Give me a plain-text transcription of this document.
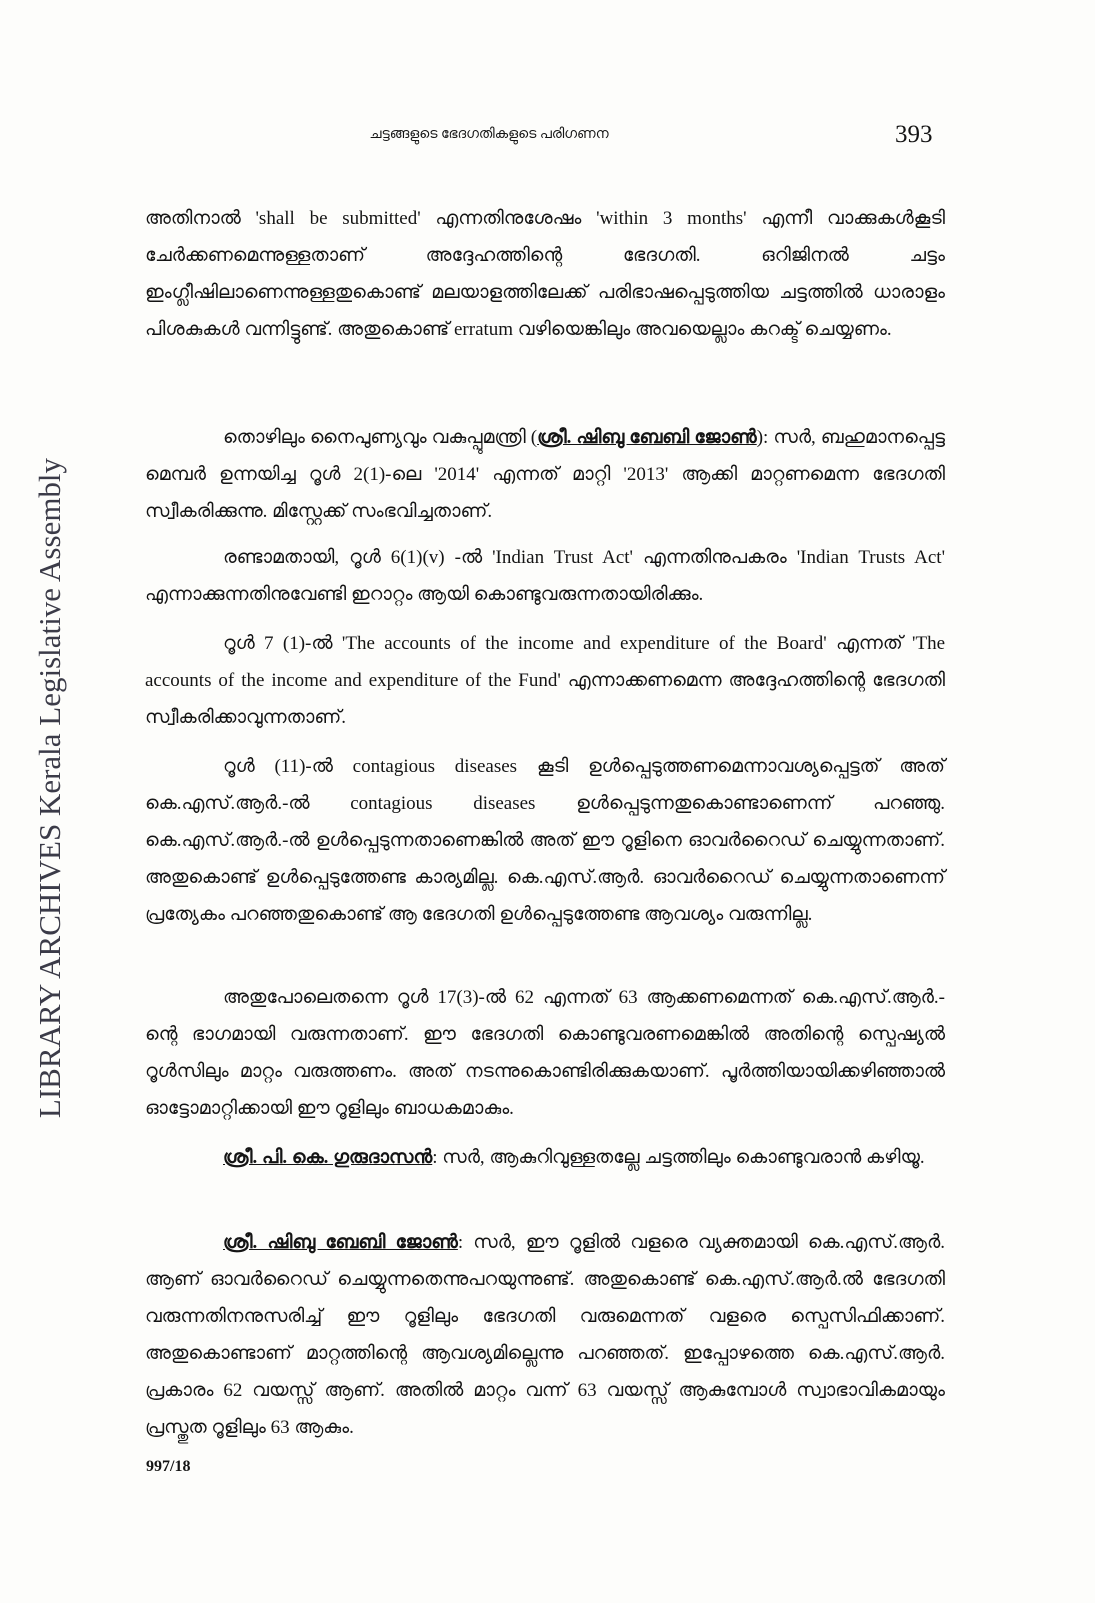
ചട്ടങ്ങളുടെ ഭേദഗതികളുടെ പരിഗണന	393
LIBRARY ARCHIVES Kerala Legislative Assembly

അതിനാൽ 'shall be submitted' എന്നതിനുശേഷം 'within 3 months' എന്നീ വാക്കുകൾകൂടി ചേർക്കണമെന്നുള്ളതാണ് അദ്ദേഹത്തിന്റെ ഭേദഗതി. ഒറിജിനൽ ചട്ടം ഇംഗ്ലീഷിലാണെന്നുള്ളതുകൊണ്ട് മലയാളത്തിലേക്ക് പരിഭാഷപ്പെടുത്തിയ ചട്ടത്തിൽ ധാരാളം പിശകുകൾ വന്നിട്ടുണ്ട്. അതുകൊണ്ട് erratum വഴിയെങ്കിലും അവയെല്ലാം കറക്ട് ചെയ്യണം.

തൊഴിലും നൈപുണ്യവും വകുപ്പുമന്ത്രി (ശ്രീ. ഷിബു ബേബി ജോൺ): സർ, ബഹുമാനപ്പെട്ട മെമ്പർ ഉന്നയിച്ച റൂൾ 2(1)-ലെ '2014' എന്നത് മാറ്റി '2013' ആക്കി മാറ്റണമെന്ന ഭേദഗതി സ്വീകരിക്കുന്നു. മിസ്റ്റേക്ക് സംഭവിച്ചതാണ്.

രണ്ടാമതായി, റൂൾ 6(1)(v) -ൽ 'Indian Trust Act' എന്നതിനുപകരം 'Indian Trusts Act' എന്നാക്കുന്നതിനുവേണ്ടി ഇറാറ്റം ആയി കൊണ്ടുവരുന്നതായിരിക്കും.

റൂൾ 7 (1)-ൽ 'The accounts of the income and expenditure of the Board' എന്നത് 'The accounts of the income and expenditure of the Fund' എന്നാക്കണമെന്ന അദ്ദേഹത്തിന്റെ ഭേദഗതി സ്വീകരിക്കാവുന്നതാണ്.

റൂൾ (11)-ൽ contagious diseases കൂടി ഉൾപ്പെടുത്തണമെന്നാവശ്യപ്പെട്ടത് അത് കെ.എസ്.ആർ.-ൽ contagious diseases ഉൾപ്പെടുന്നതുകൊണ്ടാണെന്ന് പറഞ്ഞു. കെ.എസ്.ആർ.-ൽ ഉൾപ്പെടുന്നതാണെങ്കിൽ അത് ഈ റൂളിനെ ഓവർറൈഡ് ചെയ്യുന്നതാണ്. അതുകൊണ്ട് ഉൾപ്പെടുത്തേണ്ട കാര്യമില്ല. കെ.എസ്.ആർ. ഓവർറൈഡ് ചെയ്യുന്നതാണെന്ന് പ്രത്യേകം പറഞ്ഞതുകൊണ്ട് ആ ഭേദഗതി ഉൾപ്പെടുത്തേണ്ട ആവശ്യം വരുന്നില്ല.

അതുപോലെതന്നെ റൂൾ 17(3)-ൽ 62 എന്നത് 63 ആക്കണമെന്നത് കെ.എസ്.ആർ.-ന്റെ ഭാഗമായി വരുന്നതാണ്. ഈ ഭേദഗതി കൊണ്ടുവരണമെങ്കിൽ അതിന്റെ സ്പെഷ്യൽ റൂൾസിലും മാറ്റം വരുത്തണം. അത് നടന്നുകൊണ്ടിരിക്കുകയാണ്. പൂർത്തിയായിക്കഴിഞ്ഞാൽ ഓട്ടോമാറ്റിക്കായി ഈ റൂളിലും ബാധകമാകും.

ശ്രീ. പി. കെ. ഗുരുദാസൻ: സർ, ആകുറിവുള്ളതല്ലേ ചട്ടത്തിലും കൊണ്ടുവരാൻ കഴിയൂ.

ശ്രീ. ഷിബു ബേബി ജോൺ: സർ, ഈ റൂളിൽ വളരെ വ്യക്തമായി കെ.എസ്.ആർ. ആണ് ഓവർറൈഡ് ചെയ്യുന്നതെന്നുപറയുന്നുണ്ട്. അതുകൊണ്ട് കെ.എസ്.ആർ.ൽ ഭേദഗതി വരുന്നതിനനുസരിച്ച് ഈ റൂളിലും ഭേദഗതി വരുമെന്നത് വളരെ സ്പെസിഫിക്കാണ്. അതുകൊണ്ടാണ് മാറ്റത്തിന്റെ ആവശ്യമില്ലെന്നു പറഞ്ഞത്. ഇപ്പോഴത്തെ കെ.എസ്.ആർ. പ്രകാരം 62 വയസ്സ് ആണ്. അതിൽ മാറ്റം വന്ന് 63 വയസ്സ് ആകുമ്പോൾ സ്വാഭാവികമായും പ്രസ്തുത റൂളിലും 63 ആകും.

997/18
